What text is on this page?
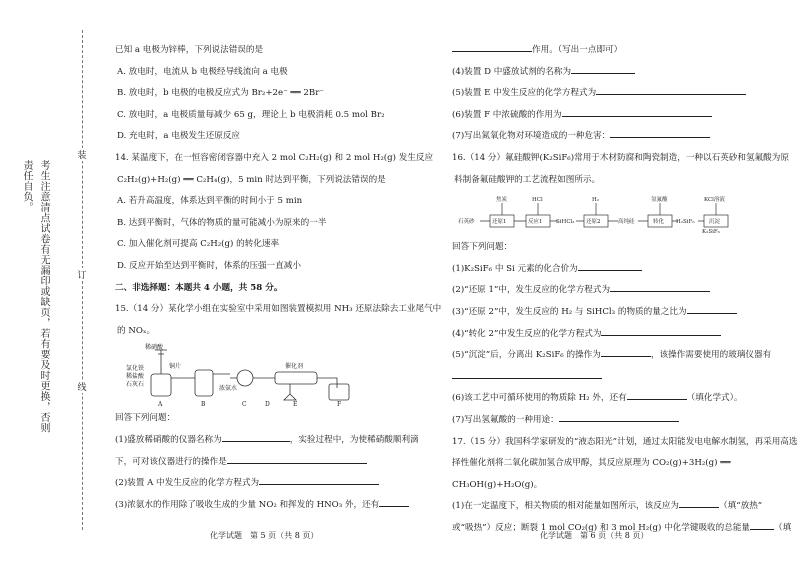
装
订
线
考生注意清点试卷有无漏印或缺页，若有要及时更换，否则责任自负。
已知 a 电极为锌棒，下列说法错误的是
A. 放电时，电流从 b 电极经导线流向 a 电极
B. 放电时，b 电极的电极反应式为 Br₂+2e⁻ ══ 2Br⁻
C. 放电时，a 电极质量每减少 65 g，理论上 b 电极消耗 0.5 mol Br₂
D. 充电时，a 电极发生还原反应
14. 某温度下，在一恒容密闭容器中充入 2 mol C₂H₂(g) 和 2 mol H₂(g) 发生反应
C₂H₂(g)+H₂(g) ══ C₂H₄(g)，5 min 时达到平衡，下列说法错误的是
A. 若升高温度，体系达到平衡的时间小于 5 min
B. 达到平衡时，气体的物质的量可能减小为原来的一半
C. 加入催化剂可提高 C₂H₂(g) 的转化速率
D. 反应开始至达到平衡时，体系的压强一直减小
二、非选择题：本题共 4 小题，共 58 分。
15.（14 分）某化学小组在实验室中采用如图装置模拟用 NH₃ 还原法除去工业尾气中
的 NOₓ。
稀硝酸
氯化铁
稀盐酸
铜片
石灰石
浓氨水
催化剂
A	B	C	D	E	F
回答下列问题：
(1)盛放稀硝酸的仪器名称为	，实验过程中，为使稀硝酸顺利滴
下，可对该仪器进行的操作是
(2)装置 A 中发生反应的化学方程式为
(3)浓氨水的作用除了吸收生成的少量 NO₂ 和挥发的 HNO₃ 外，还有
化学试题　第 5 页（共 8 页）
作用。（写出一点即可）
(4)装置 D 中盛放试剂的名称为
(5)装置 E 中发生反应的化学方程式为
(6)装置 F 中浓硫酸的作用为
(7)写出氮氧化物对环境造成的一种危害：
16.（14 分）氟硅酸钾(K₂SiF₆)常用于木材防腐和陶瓷制造，一种以石英砂和氢氟酸为原
料制备氟硅酸钾的工艺流程如图所示。
焦炭	HCl	H₂	氢氟酸	KCl溶液
石英砂	还原1	反应1 SiHCl₃ 还原2	高纯硅	转化 H₂SiF₆	沉淀
K₂SiF₆
回答下列问题：
(1)K₂SiF₆ 中 Si 元素的化合价为
(2)“还原 1”中，发生反应的化学方程式为
(3)“还原 2”中，发生反应的 H₂ 与 SiHCl₃ 的物质的量之比为
(4)“转化 2”中发生反应的化学方程式为
(5)“沉淀”后，分离出 K₂SiF₆ 的操作为	，该操作需要使用的玻璃仪器有
(6)该工艺中可循环使用的物质除 H₂ 外，还有	（填化学式）。
(7)写出氢氟酸的一种用途：
17.（15 分）我国科学家研发的“液态阳光”计划，通过太阳能发电电解水制氢，再采用高选
择性催化剂将二氧化碳加氢合成甲醇，其反应原理为 CO₂(g)+3H₂(g) ══
CH₃OH(g)+H₂O(g)。
(1)在一定温度下，相关物质的相对能量如图所示，该反应为	（填“放热”
或“吸热”）反应；断裂 1 mol CO₂(g) 和 3 mol H₂(g) 中化学键吸收的总能量	（填
化学试题　第 6 页（共 8 页）
